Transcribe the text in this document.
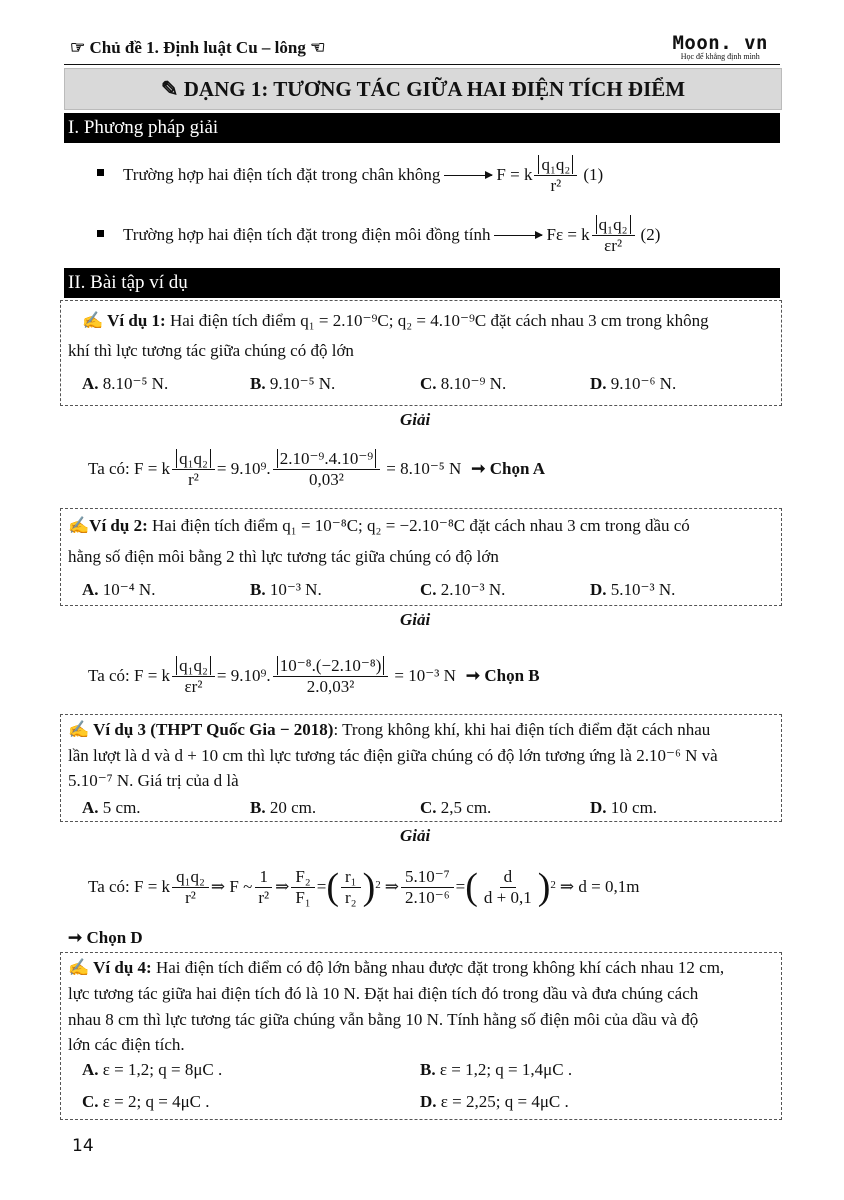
☞ Chủ đề 1. Định luật Cu – lông ☜	Moon. vn
Học để khẳng định mình
✎ DẠNG 1: TƯƠNG TÁC GIỮA HAI ĐIỆN TÍCH ĐIỂM
I. Phương pháp giải
Trường hợp hai điện tích đặt trong chân không	F = k $\frac{\text{q₁q₂}}{\text{r²}} (1)$
Trường hợp hai điện tích đặt trong điện môi đồng tính	Fε = k $\frac{\text{q₁q₂}}{\text{εr²}} (2)$
II. Bài tập ví dụ
✍ Ví dụ 1: Hai điện tích điểm q₁ = 2.10⁻⁹C; q₂ = 4.10⁻⁹C đặt cách nhau 3 cm trong không
khí thì lực tương tác giữa chúng có độ lớn
A. 8.10⁻⁵ N.	B. 9.10⁻⁵ N.	C. 8.10⁻⁹ N.	D. 9.10⁻⁶ N.
Giải
Ta có: F = k $\frac{\text{q₁q₂}}{\text{r²}} = 9.10^9$. $\frac{\text{2.10⁻⁹.4.10⁻⁹}}{\text{0,03²}} = 8.10^{-5}$ N ➞ Chọn A
✍Ví dụ 2: Hai điện tích điểm q₁ = 10⁻⁸C; q₂ = −2.10⁻⁸C đặt cách nhau 3 cm trong dầu có
hằng số điện môi bằng 2 thì lực tương tác giữa chúng có độ lớn
A. 10⁻⁴ N.	B. 10⁻³ N.	C. 2.10⁻³ N.	D. 5.10⁻³ N.
Giải
Ta có: F = k $\frac{\text{q₁q₂}}{\text{εr²}} = 9.10^9$. $\frac{\text{10⁻⁸.(−2.10⁻⁸)}}{\text{2.0,03²}} = 10^{-3}$ N ➞ Chọn B
✍ Ví dụ 3 (THPT Quốc Gia − 2018): Trong không khí, khi hai điện tích điểm đặt cách nhau
lần lượt là d và d + 10 cm thì lực tương tác điện giữa chúng có độ lớn tương ứng là 2.10⁻⁶ N và
5.10⁻⁷ N. Giá trị của d là
A. 5 cm.	B. 20 cm.	C. 2,5 cm.	D. 10 cm.
Giải
Ta có: F = k $\frac{\text{q₁q₂}}{\text{r²}}$ ⇒ F ~ $\frac{1}{\text{r²}}$ ⇒ $\frac{\text{F₂}}{\text{F₁}}$ = ( $\frac{\text{r₁}}{\text{r₂}} )^2$ ⇒ $\frac{\text{5.10⁻⁷}}{\text{2.10⁻⁶}}$ = ( $\frac{d}{d + 0,1} )^2$ ⇒ d = 0,1m
➞ Chọn D
✍ Ví dụ 4: Hai điện tích điểm có độ lớn bằng nhau được đặt trong không khí cách nhau 12 cm,
lực tương tác giữa hai điện tích đó là 10 N. Đặt hai điện tích đó trong dầu và đưa chúng cách
nhau 8 cm thì lực tương tác giữa chúng vẫn bằng 10 N. Tính hằng số điện môi của dầu và độ
lớn các điện tích.
A. ε = 1,2; q = 8μC .	B. ε = 1,2; q = 1,4μC .
C. ε = 2; q = 4μC .	D. ε = 2,25; q = 4μC .
14
